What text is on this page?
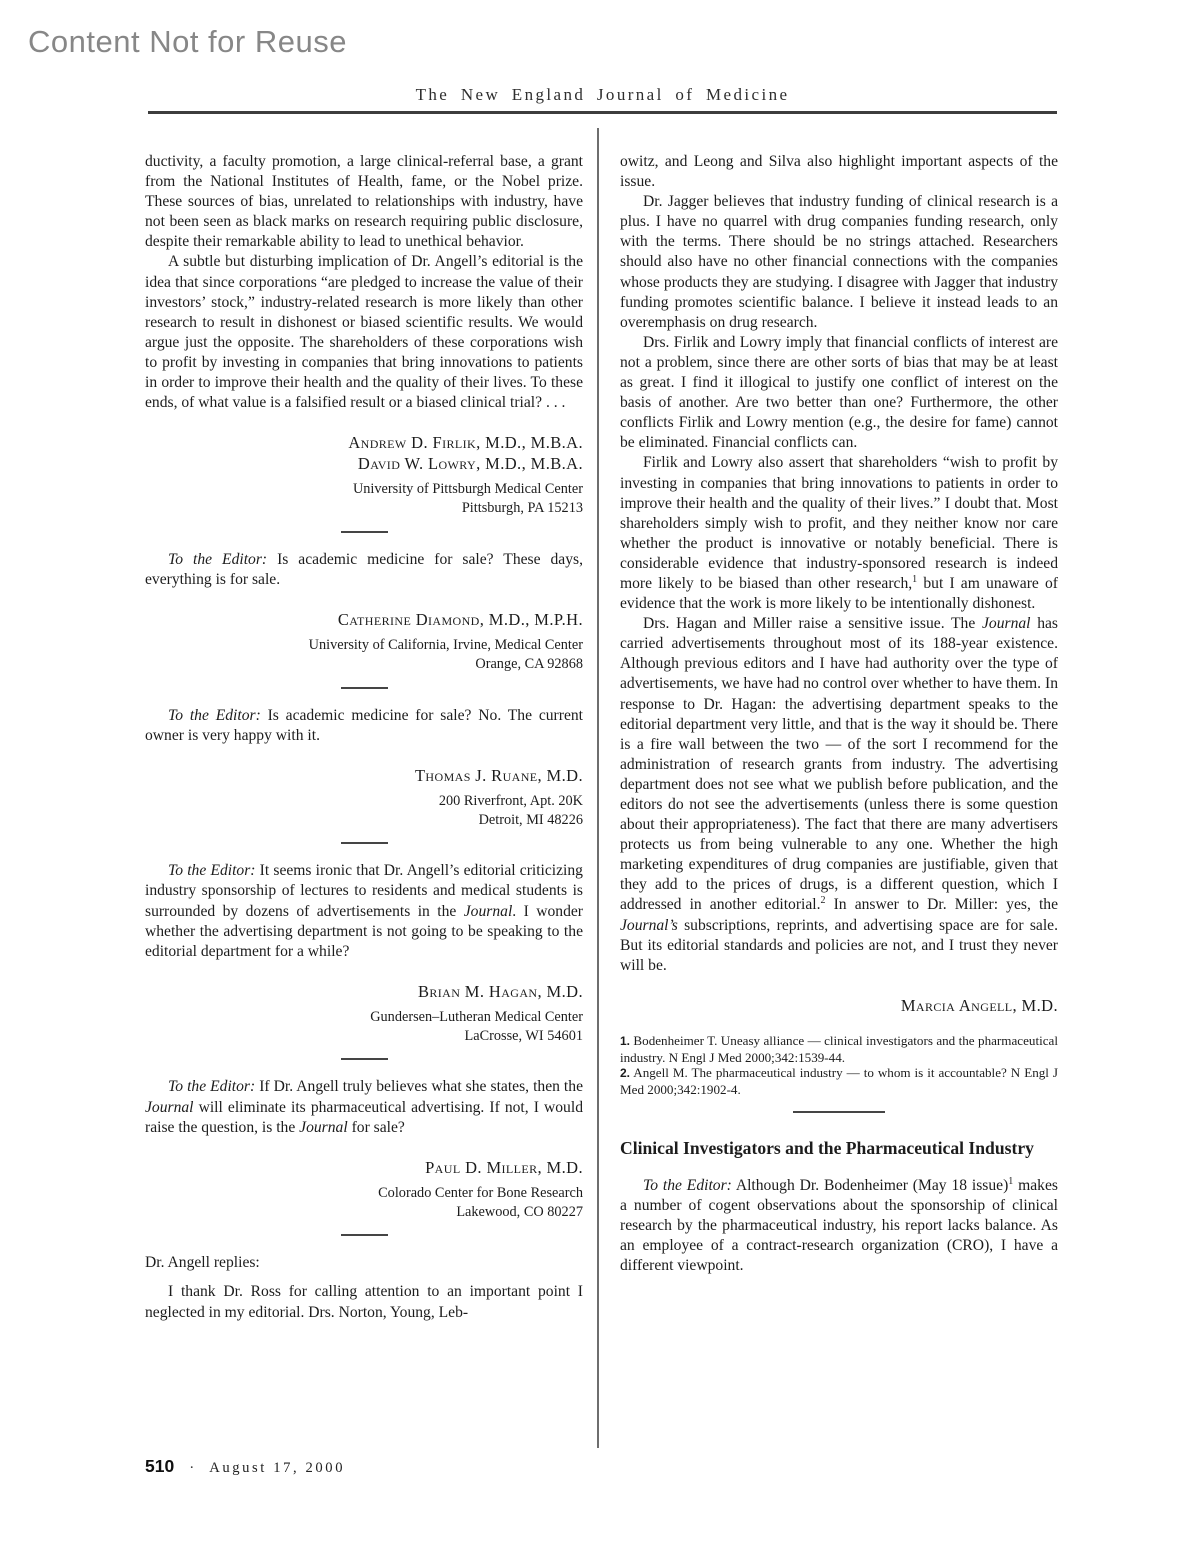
Content Not for Reuse
The New England Journal of Medicine

ductivity, a faculty promotion, a large clinical-referral base, a grant from the National Institutes of Health, fame, or the Nobel prize. These sources of bias, unrelated to relationships with industry, have not been seen as black marks on research requiring public disclosure, despite their remarkable ability to lead to unethical behavior.

A subtle but disturbing implication of Dr. Angell’s editorial is the idea that since corporations “are pledged to increase the value of their investors’ stock,” industry-related research is more likely than other research to result in dishonest or biased scientific results. We would argue just the opposite. The shareholders of these corporations wish to profit by investing in companies that bring innovations to patients in order to improve their health and the quality of their lives. To these ends, of what value is a falsified result or a biased clinical trial? . . .

Andrew D. Firlik, M.D., M.B.A.
David W. Lowry, M.D., M.B.A.
University of Pittsburgh Medical Center
Pittsburgh, PA 15213

To the Editor: Is academic medicine for sale? These days, everything is for sale.

Catherine Diamond, M.D., M.P.H.
University of California, Irvine, Medical Center
Orange, CA 92868

To the Editor: Is academic medicine for sale? No. The current owner is very happy with it.

Thomas J. Ruane, M.D.
200 Riverfront, Apt. 20K
Detroit, MI 48226

To the Editor: It seems ironic that Dr. Angell’s editorial criticizing industry sponsorship of lectures to residents and medical students is surrounded by dozens of advertisements in the Journal. I wonder whether the advertising department is not going to be speaking to the editorial department for a while?

Brian M. Hagan, M.D.
Gundersen–Lutheran Medical Center
LaCrosse, WI 54601

To the Editor: If Dr. Angell truly believes what she states, then the Journal will eliminate its pharmaceutical advertising. If not, I would raise the question, is the Journal for sale?

Paul D. Miller, M.D.
Colorado Center for Bone Research
Lakewood, CO 80227

Dr. Angell replies:

I thank Dr. Ross for calling attention to an important point I neglected in my editorial. Drs. Norton, Young, Leb-

owitz, and Leong and Silva also highlight important aspects of the issue.

Dr. Jagger believes that industry funding of clinical research is a plus. I have no quarrel with drug companies funding research, only with the terms. There should be no strings attached. Researchers should also have no other financial connections with the companies whose products they are studying. I disagree with Jagger that industry funding promotes scientific balance. I believe it instead leads to an overemphasis on drug research.

Drs. Firlik and Lowry imply that financial conflicts of interest are not a problem, since there are other sorts of bias that may be at least as great. I find it illogical to justify one conflict of interest on the basis of another. Are two better than one? Furthermore, the other conflicts Firlik and Lowry mention (e.g., the desire for fame) cannot be eliminated. Financial conflicts can.

Firlik and Lowry also assert that shareholders “wish to profit by investing in companies that bring innovations to patients in order to improve their health and the quality of their lives.” I doubt that. Most shareholders simply wish to profit, and they neither know nor care whether the product is innovative or notably beneficial. There is considerable evidence that industry-sponsored research is indeed more likely to be biased than other research,$^1$ but I am unaware of evidence that the work is more likely to be intentionally dishonest.

Drs. Hagan and Miller raise a sensitive issue. The Journal has carried advertisements throughout most of its 188-year existence. Although previous editors and I have had authority over the type of advertisements, we have had no control over whether to have them. In response to Dr. Hagan: the advertising department speaks to the editorial department very little, and that is the way it should be. There is a fire wall between the two — of the sort I recommend for the administration of research grants from industry. The advertising department does not see what we publish before publication, and the editors do not see the advertisements (unless there is some question about their appropriateness). The fact that there are many advertisers protects us from being vulnerable to any one. Whether the high marketing expenditures of drug companies are justifiable, given that they add to the prices of drugs, is a different question, which I addressed in another editorial.$^2$ In answer to Dr. Miller: yes, the Journal’s subscriptions, reprints, and advertising space are for sale. But its editorial standards and policies are not, and I trust they never will be.

Marcia Angell, M.D.

1. Bodenheimer T. Uneasy alliance — clinical investigators and the pharmaceutical industry. N Engl J Med 2000;342:1539-44.

2. Angell M. The pharmaceutical industry — to whom is it accountable? N Engl J Med 2000;342:1902-4.

Clinical Investigators and the Pharmaceutical Industry

To the Editor: Although Dr. Bodenheimer (May 18 issue)$^1$ makes a number of cogent observations about the sponsorship of clinical research by the pharmaceutical industry, his report lacks balance. As an employee of a contract-research organization (CRO), I have a different viewpoint.

510 · August 17, 2000
